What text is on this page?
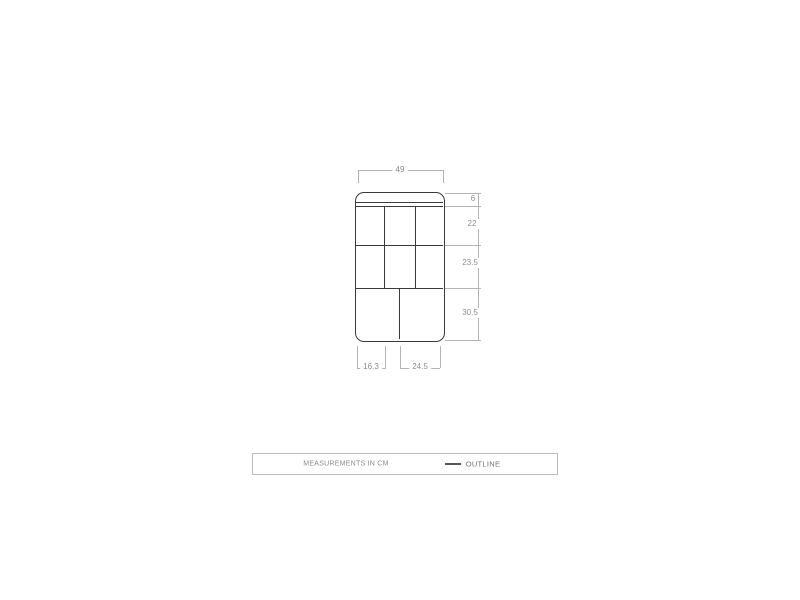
49
6
22
23.5
30.5
16.3	24.5
MEASUREMENTS IN CM	OUTLINE
